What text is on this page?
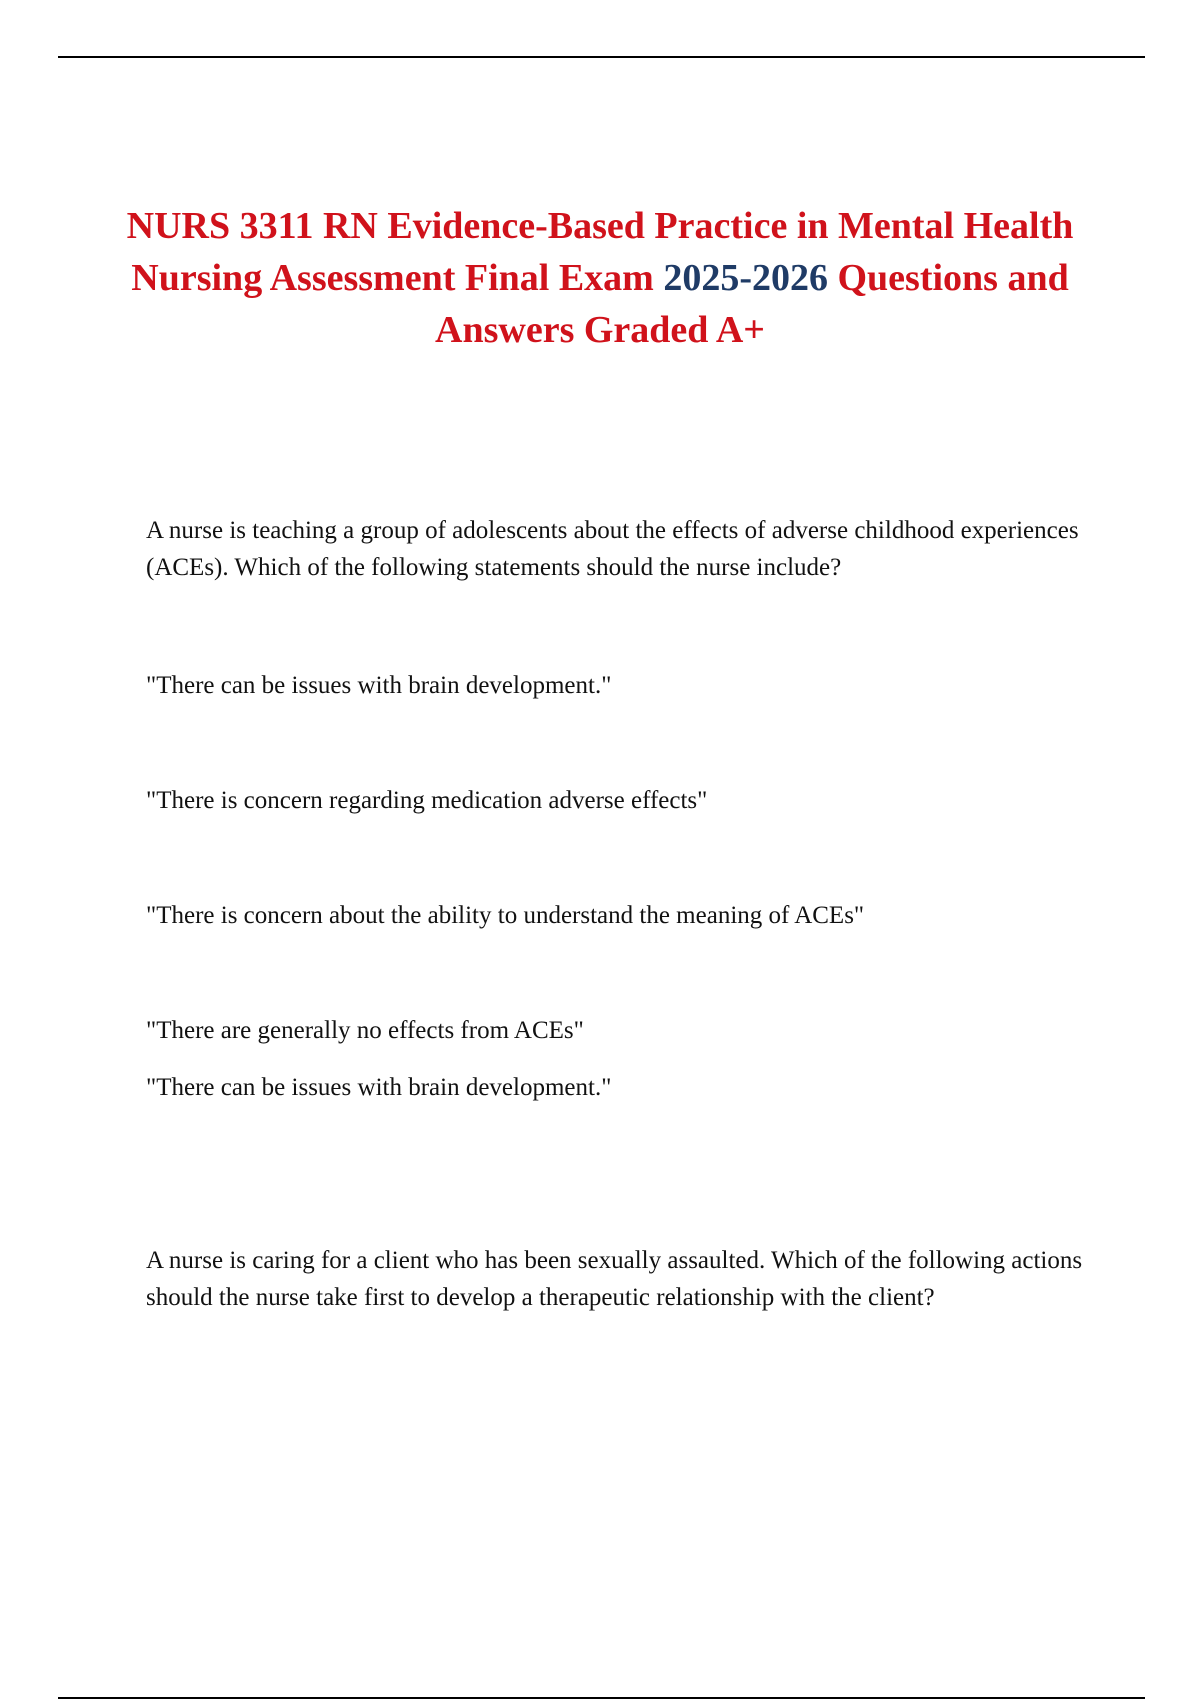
NURS 3311 RN Evidence-Based Practice in Mental Health Nursing Assessment Final Exam 2025-2026 Questions and Answers Graded A+

A nurse is teaching a group of adolescents about the effects of adverse childhood experiences (ACEs). Which of the following statements should the nurse include?

"There can be issues with brain development."

"There is concern regarding medication adverse effects"

"There is concern about the ability to understand the meaning of ACEs"

"There are generally no effects from ACEs"

"There can be issues with brain development."

A nurse is caring for a client who has been sexually assaulted. Which of the following actions should the nurse take first to develop a therapeutic relationship with the client?
